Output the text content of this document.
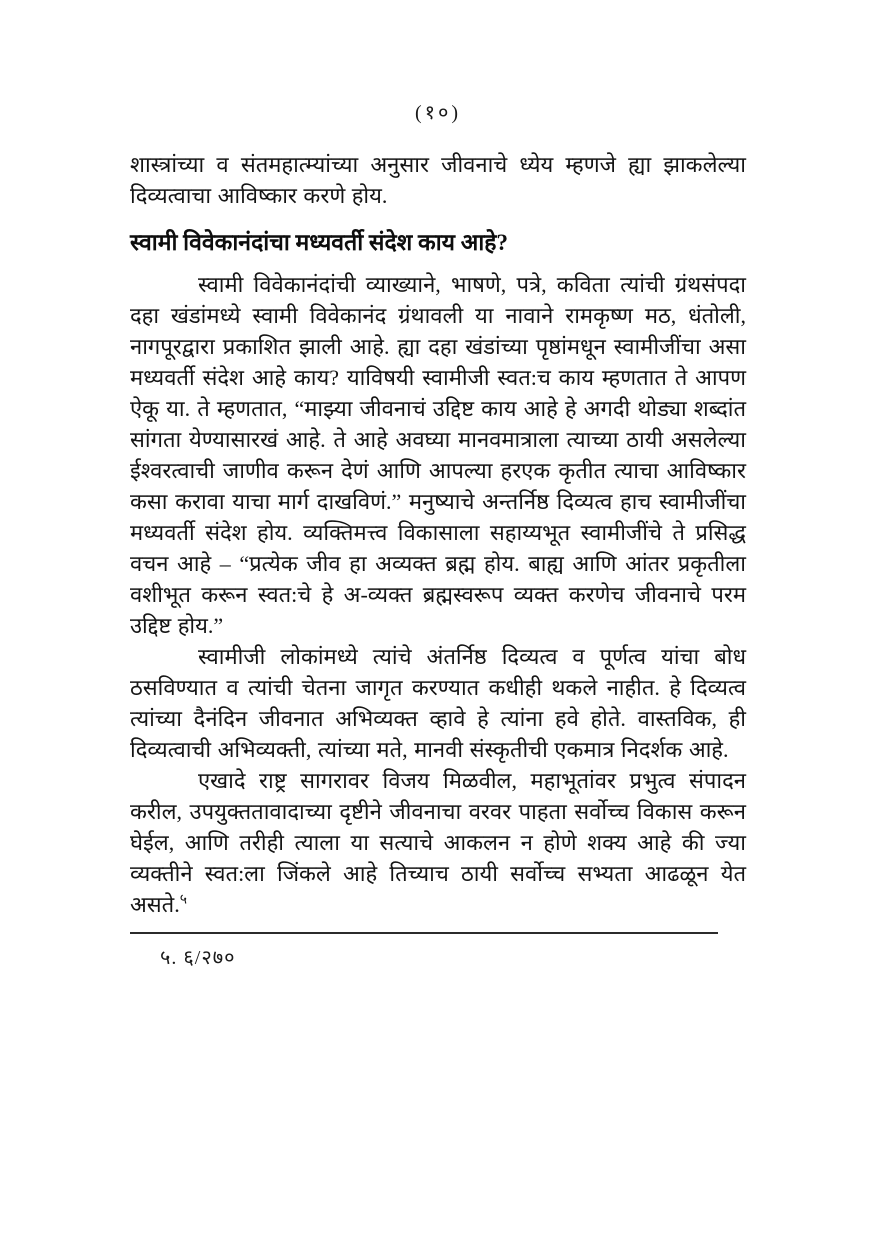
(१०)

शास्त्रांच्या व संतमहात्म्यांच्या अनुसार जीवनाचे ध्येय म्हणजे ह्या झाकलेल्या दिव्यत्वाचा आविष्कार करणे होय.

स्वामी विवेकानंदांचा मध्यवर्ती संदेश काय आहे?

स्वामी विवेकानंदांची व्याख्याने, भाषणे, पत्रे, कविता त्यांची ग्रंथसंपदा दहा खंडांमध्ये स्वामी विवेकानंद ग्रंथावली या नावाने रामकृष्ण मठ, धंतोली, नागपूरद्वारा प्रकाशित झाली आहे. ह्या दहा खंडांच्या पृष्ठांमधून स्वामीजींचा असा मध्यवर्ती संदेश आहे काय? याविषयी स्वामीजी स्वत:च काय म्हणतात ते आपण ऐकू या. ते म्हणतात, “माझ्या जीवनाचं उद्दिष्ट काय आहे हे अगदी थोड्या शब्दांत सांगता येण्यासारखं आहे. ते आहे अवघ्या मानवमात्राला त्याच्या ठायी असलेल्या ईश्वरत्वाची जाणीव करून देणं आणि आपल्या हरएक कृतीत त्याचा आविष्कार कसा करावा याचा मार्ग दाखविणं.” मनुष्याचे अन्तर्निष्ठ दिव्यत्व हाच स्वामीजींचा मध्यवर्ती संदेश होय. व्यक्तिमत्त्व विकासाला सहाय्यभूत स्वामीजींचे ते प्रसिद्ध वचन आहे – “प्रत्येक जीव हा अव्यक्त ब्रह्म होय. बाह्य आणि आंतर प्रकृतीला वशीभूत करून स्वत:चे हे अ-व्यक्त ब्रह्मस्वरूप व्यक्त करणेच जीवनाचे परम उद्दिष्ट होय.”

स्वामीजी लोकांमध्ये त्यांचे अंतर्निष्ठ दिव्यत्व व पूर्णत्व यांचा बोध ठसविण्यात व त्यांची चेतना जागृत करण्यात कधीही थकले नाहीत. हे दिव्यत्व त्यांच्या दैनंदिन जीवनात अभिव्यक्त व्हावे हे त्यांना हवे होते. वास्तविक, ही दिव्यत्वाची अभिव्यक्ती, त्यांच्या मते, मानवी संस्कृतीची एकमात्र निदर्शक आहे.

एखादे राष्ट्र सागरावर विजय मिळवील, महाभूतांवर प्रभुत्व संपादन करील, उपयुक्ततावादाच्या दृष्टीने जीवनाचा वरवर पाहता सर्वोच्च विकास करून घेईल, आणि तरीही त्याला या सत्याचे आकलन न होणे शक्य आहे की ज्या व्यक्तीने स्वत:ला जिंकले आहे तिच्याच ठायी सर्वोच्च सभ्यता आढळून येत असते.$^५$

५. ६/२७०
